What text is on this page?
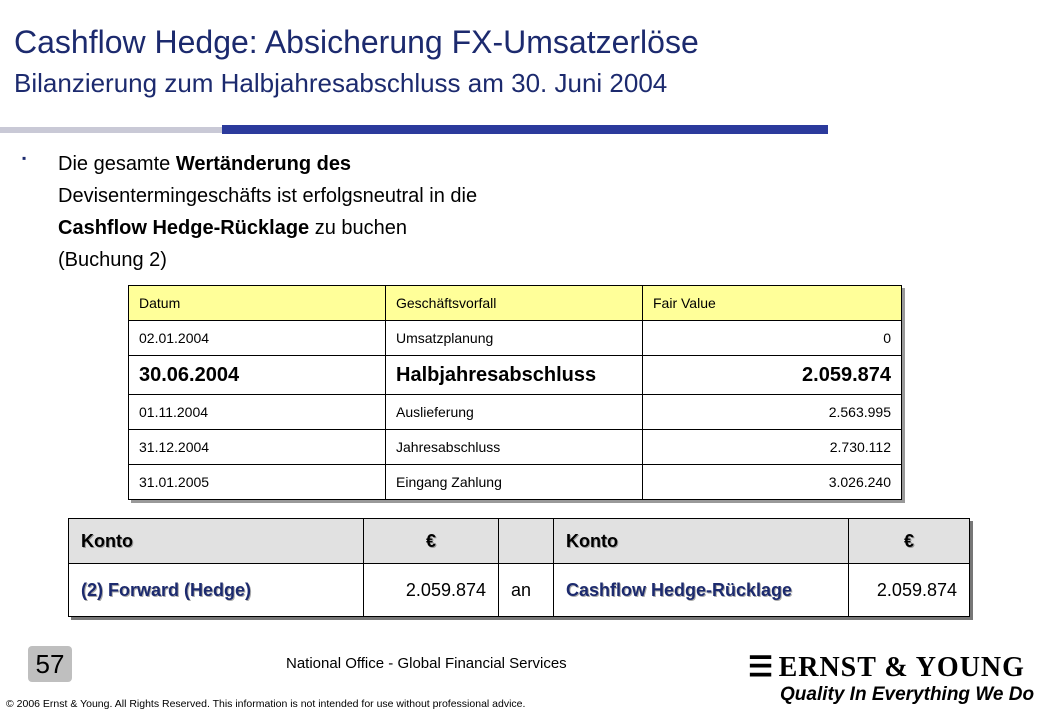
Cashflow Hedge: Absicherung FX-Umsatzerlöse
Bilanzierung zum Halbjahresabschluss am 30. Juni 2004
▪ Die gesamte Wertänderung des Devisentermingeschäfts ist erfolgsneutral in die Cashflow Hedge-Rücklage zu buchen (Buchung 2)
Datum	Geschäftsvorfall	Fair Value
02.01.2004	Umsatzplanung	0
30.06.2004	Halbjahresabschluss	2.059.874
01.11.2004	Auslieferung	2.563.995
31.12.2004	Jahresabschluss	2.730.112
31.01.2005	Eingang Zahlung	3.026.240
Konto	€		Konto	€
(2) Forward (Hedge)	2.059.874	an	Cashflow Hedge-Rücklage	2.059.874
57	National Office - Global Financial Services
© 2006 Ernst & Young. All Rights Reserved. This information is not intended for use without professional advice.
☰ ERNST & YOUNG
Quality In Everything We Do
